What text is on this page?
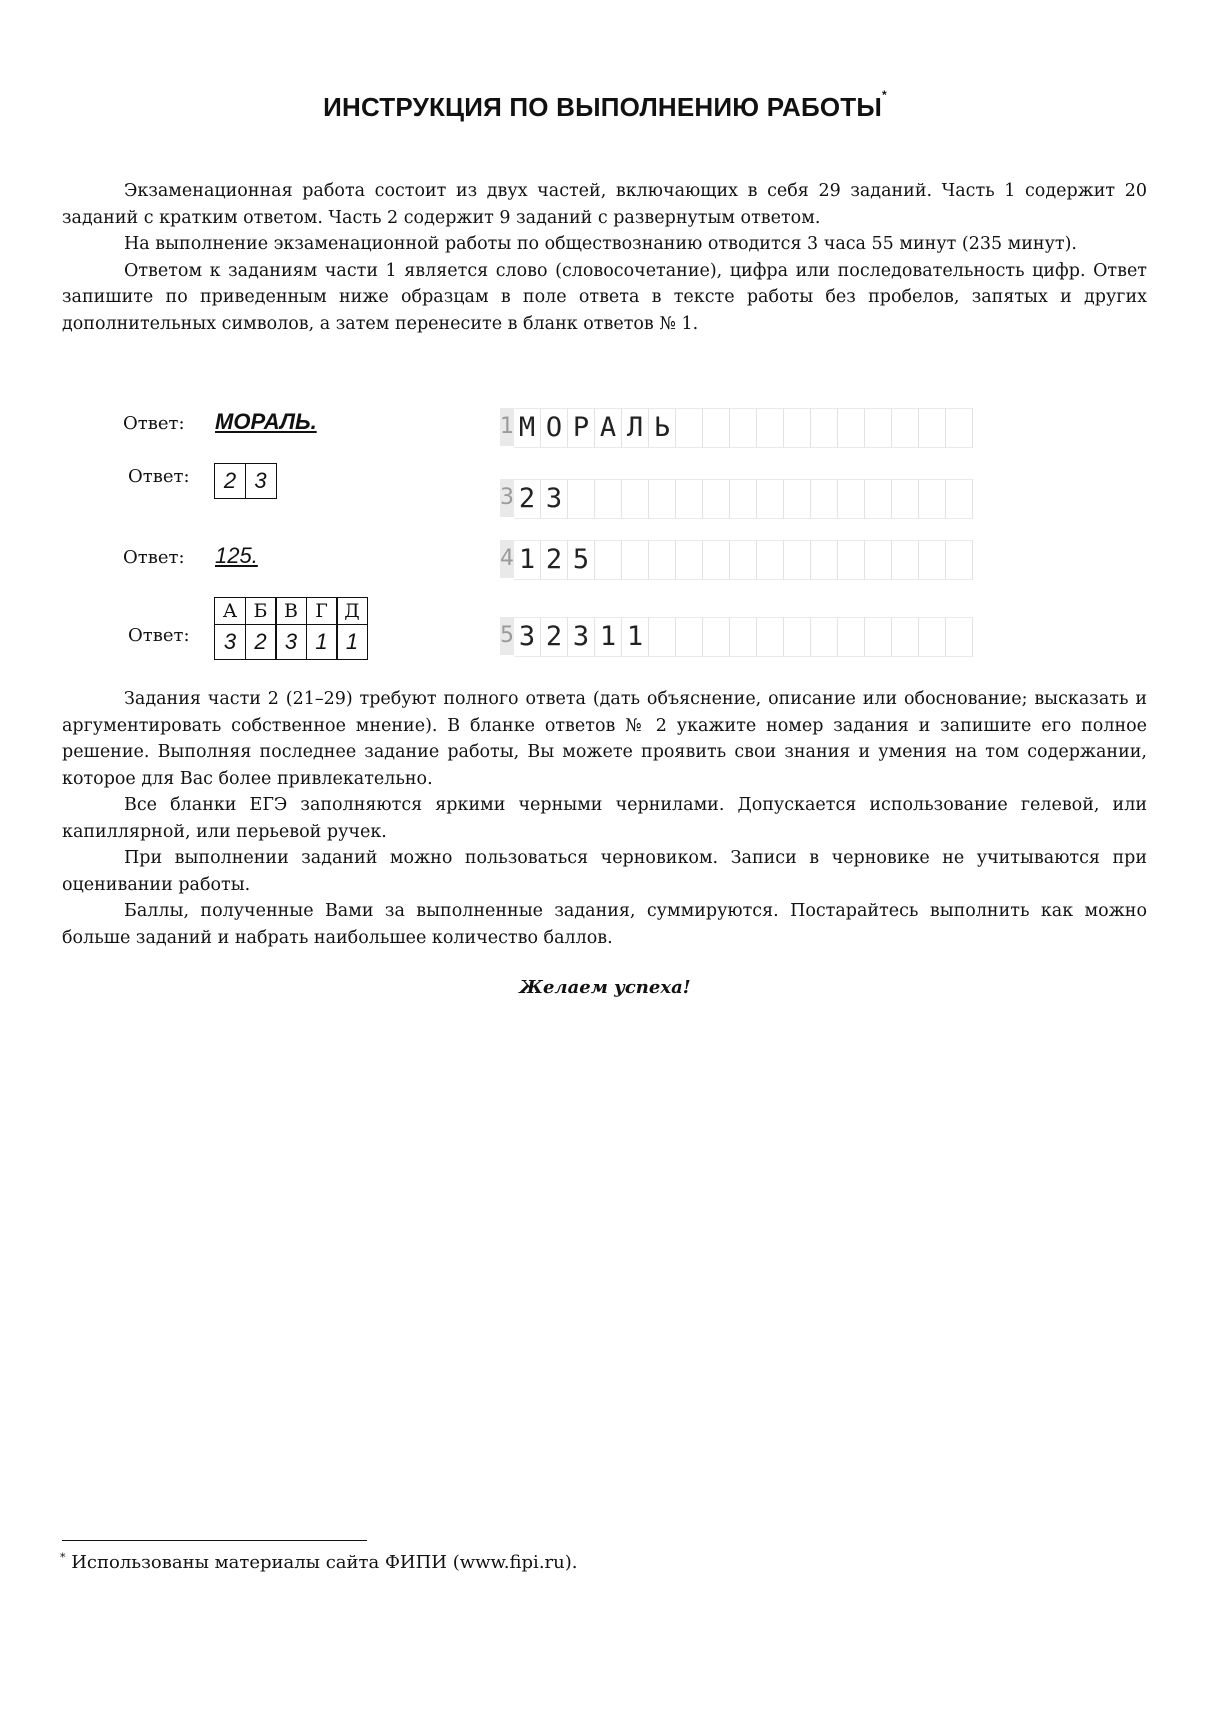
ИНСТРУКЦИЯ ПО ВЫПОЛНЕНИЮ РАБОТЫ*

Экзаменационная работа состоит из двух частей, включающих в себя 29 заданий. Часть 1 содержит 20 заданий с кратким ответом. Часть 2 содержит 9 заданий с развернутым ответом.

На выполнение экзаменационной работы по обществознанию отводится 3 часа 55 минут (235 минут).

Ответом к заданиям части 1 является слово (словосочетание), цифра или последовательность цифр. Ответ запишите по приведенным ниже образцам в поле ответа в тексте работы без пробелов, запятых и других дополнительных символов, а затем перенесите в бланк ответов № 1.

Ответ: МОРАЛЬ.
Ответ:	2 3
Ответ: 125.
А Б В Г Д
Ответ:	3 2 3 1 1
1 М О Р А Л Ь
3 2 3
4 1 2 5
5 3 2 3 1 1

Задания части 2 (21–29) требуют полного ответа (дать объяснение, описание или обоснование; высказать и аргументировать собственное мнение). В бланке ответов № 2 укажите номер задания и запишите его полное решение. Выполняя последнее задание работы, Вы можете проявить свои знания и умения на том содержании, которое для Вас более привлекательно.

Все бланки ЕГЭ заполняются яркими черными чернилами. Допускается использование гелевой, или капиллярной, или перьевой ручек.

При выполнении заданий можно пользоваться черновиком. Записи в черновике не учитываются при оценивании работы.

Баллы, полученные Вами за выполненные задания, суммируются. Постарайтесь выполнить как можно больше заданий и набрать наибольшее количество баллов.

Желаем успеха!
* Использованы материалы сайта ФИПИ (www.fipi.ru).
